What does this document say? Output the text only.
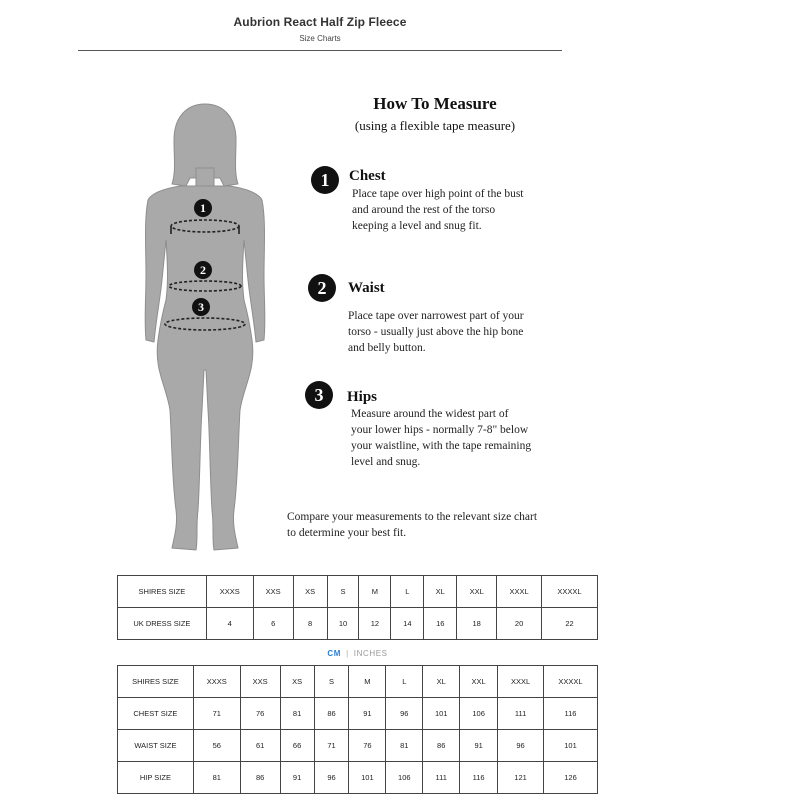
Aubrion React Half Zip Fleece
Size Charts
1
2
3
How To Measure
(using a flexible tape measure)
1	Chest
Place tape over high point of the bust
and around the rest of the torso
keeping a level and snug fit.
2	Waist
Place tape over narrowest part of your
torso - usually just above the hip bone
and belly button.
3	Hips
Measure around the widest part of
your lower hips - normally 7-8" below
your waistline, with the tape remaining
level and snug.
Compare your measurements to the relevant size chart
to determine your best fit.
SHIRES SIZE	XXXS	XXS	XS	S	M	L	XL	XXL	XXXL	XXXXL
UK DRESS SIZE	4	6	8	10	12	14	16	18	20	22
CM | INCHES
SHIRES SIZE	XXXS	XXS	XS	S	M	L	XL	XXL	XXXL	XXXXL
CHEST SIZE	71	76	81	86	91	96	101	106	111	116
WAIST SIZE	56	61	66	71	76	81	86	91	96	101
HIP SIZE	81	86	91	96	101	106	111	116	121	126
